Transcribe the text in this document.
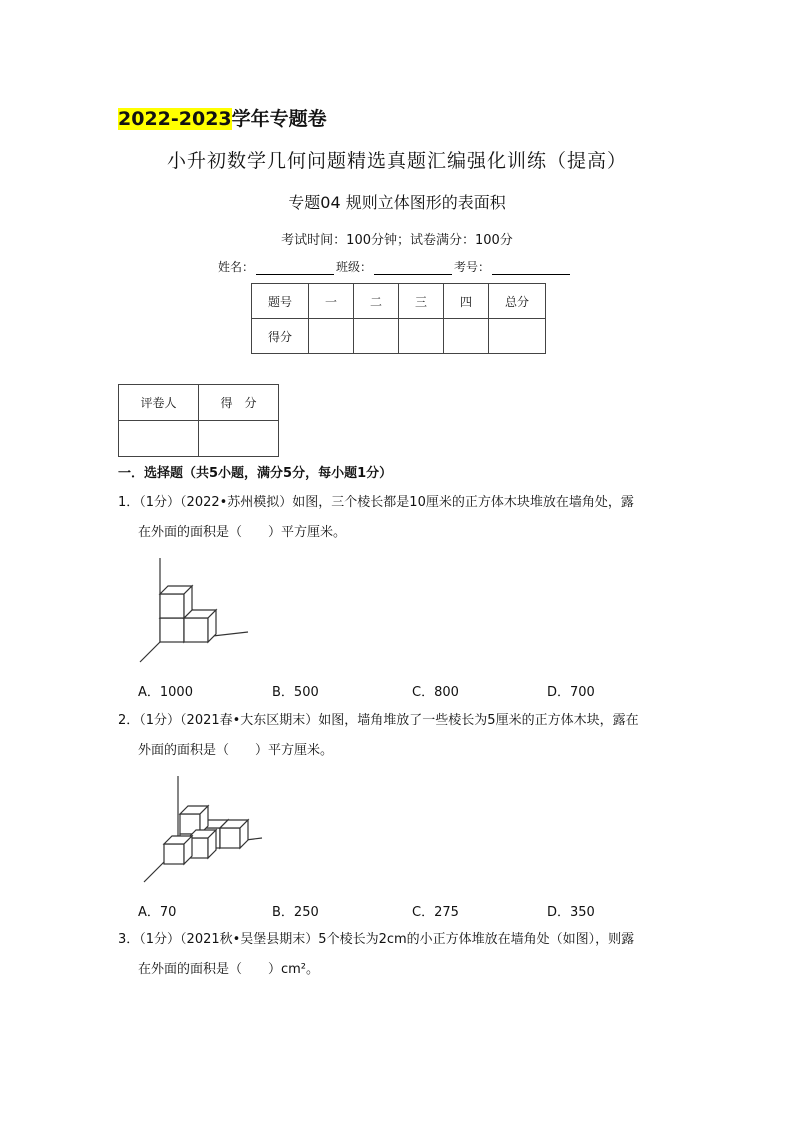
2022-2023学年专题卷
小升初数学几何问题精选真题汇编强化训练（提高）
专题04 规则立体图形的表面积
考试时间：100分钟；试卷满分：100分
姓名：	班级：	考号：
题号	一	二	三	四	总分
得分					
评卷人	得　分

一．选择题（共5小题，满分5分，每小题1分）
1．（1分）（2022•苏州模拟）如图，三个棱长都是10厘米的正方体木块堆放在墙角处，露
在外面的面积是（　　）平方厘米。
A．1000	B．500	C．800	D．700
2．（1分）（2021春•大东区期末）如图，墙角堆放了一些棱长为5厘米的正方体木块，露在
外面的面积是（　　）平方厘米。
A．70	B．250	C．275	D．350
3．（1分）（2021秋•吴堡县期末）5个棱长为2cm的小正方体堆放在墙角处（如图），则露
在外面的面积是（　　）cm²。
